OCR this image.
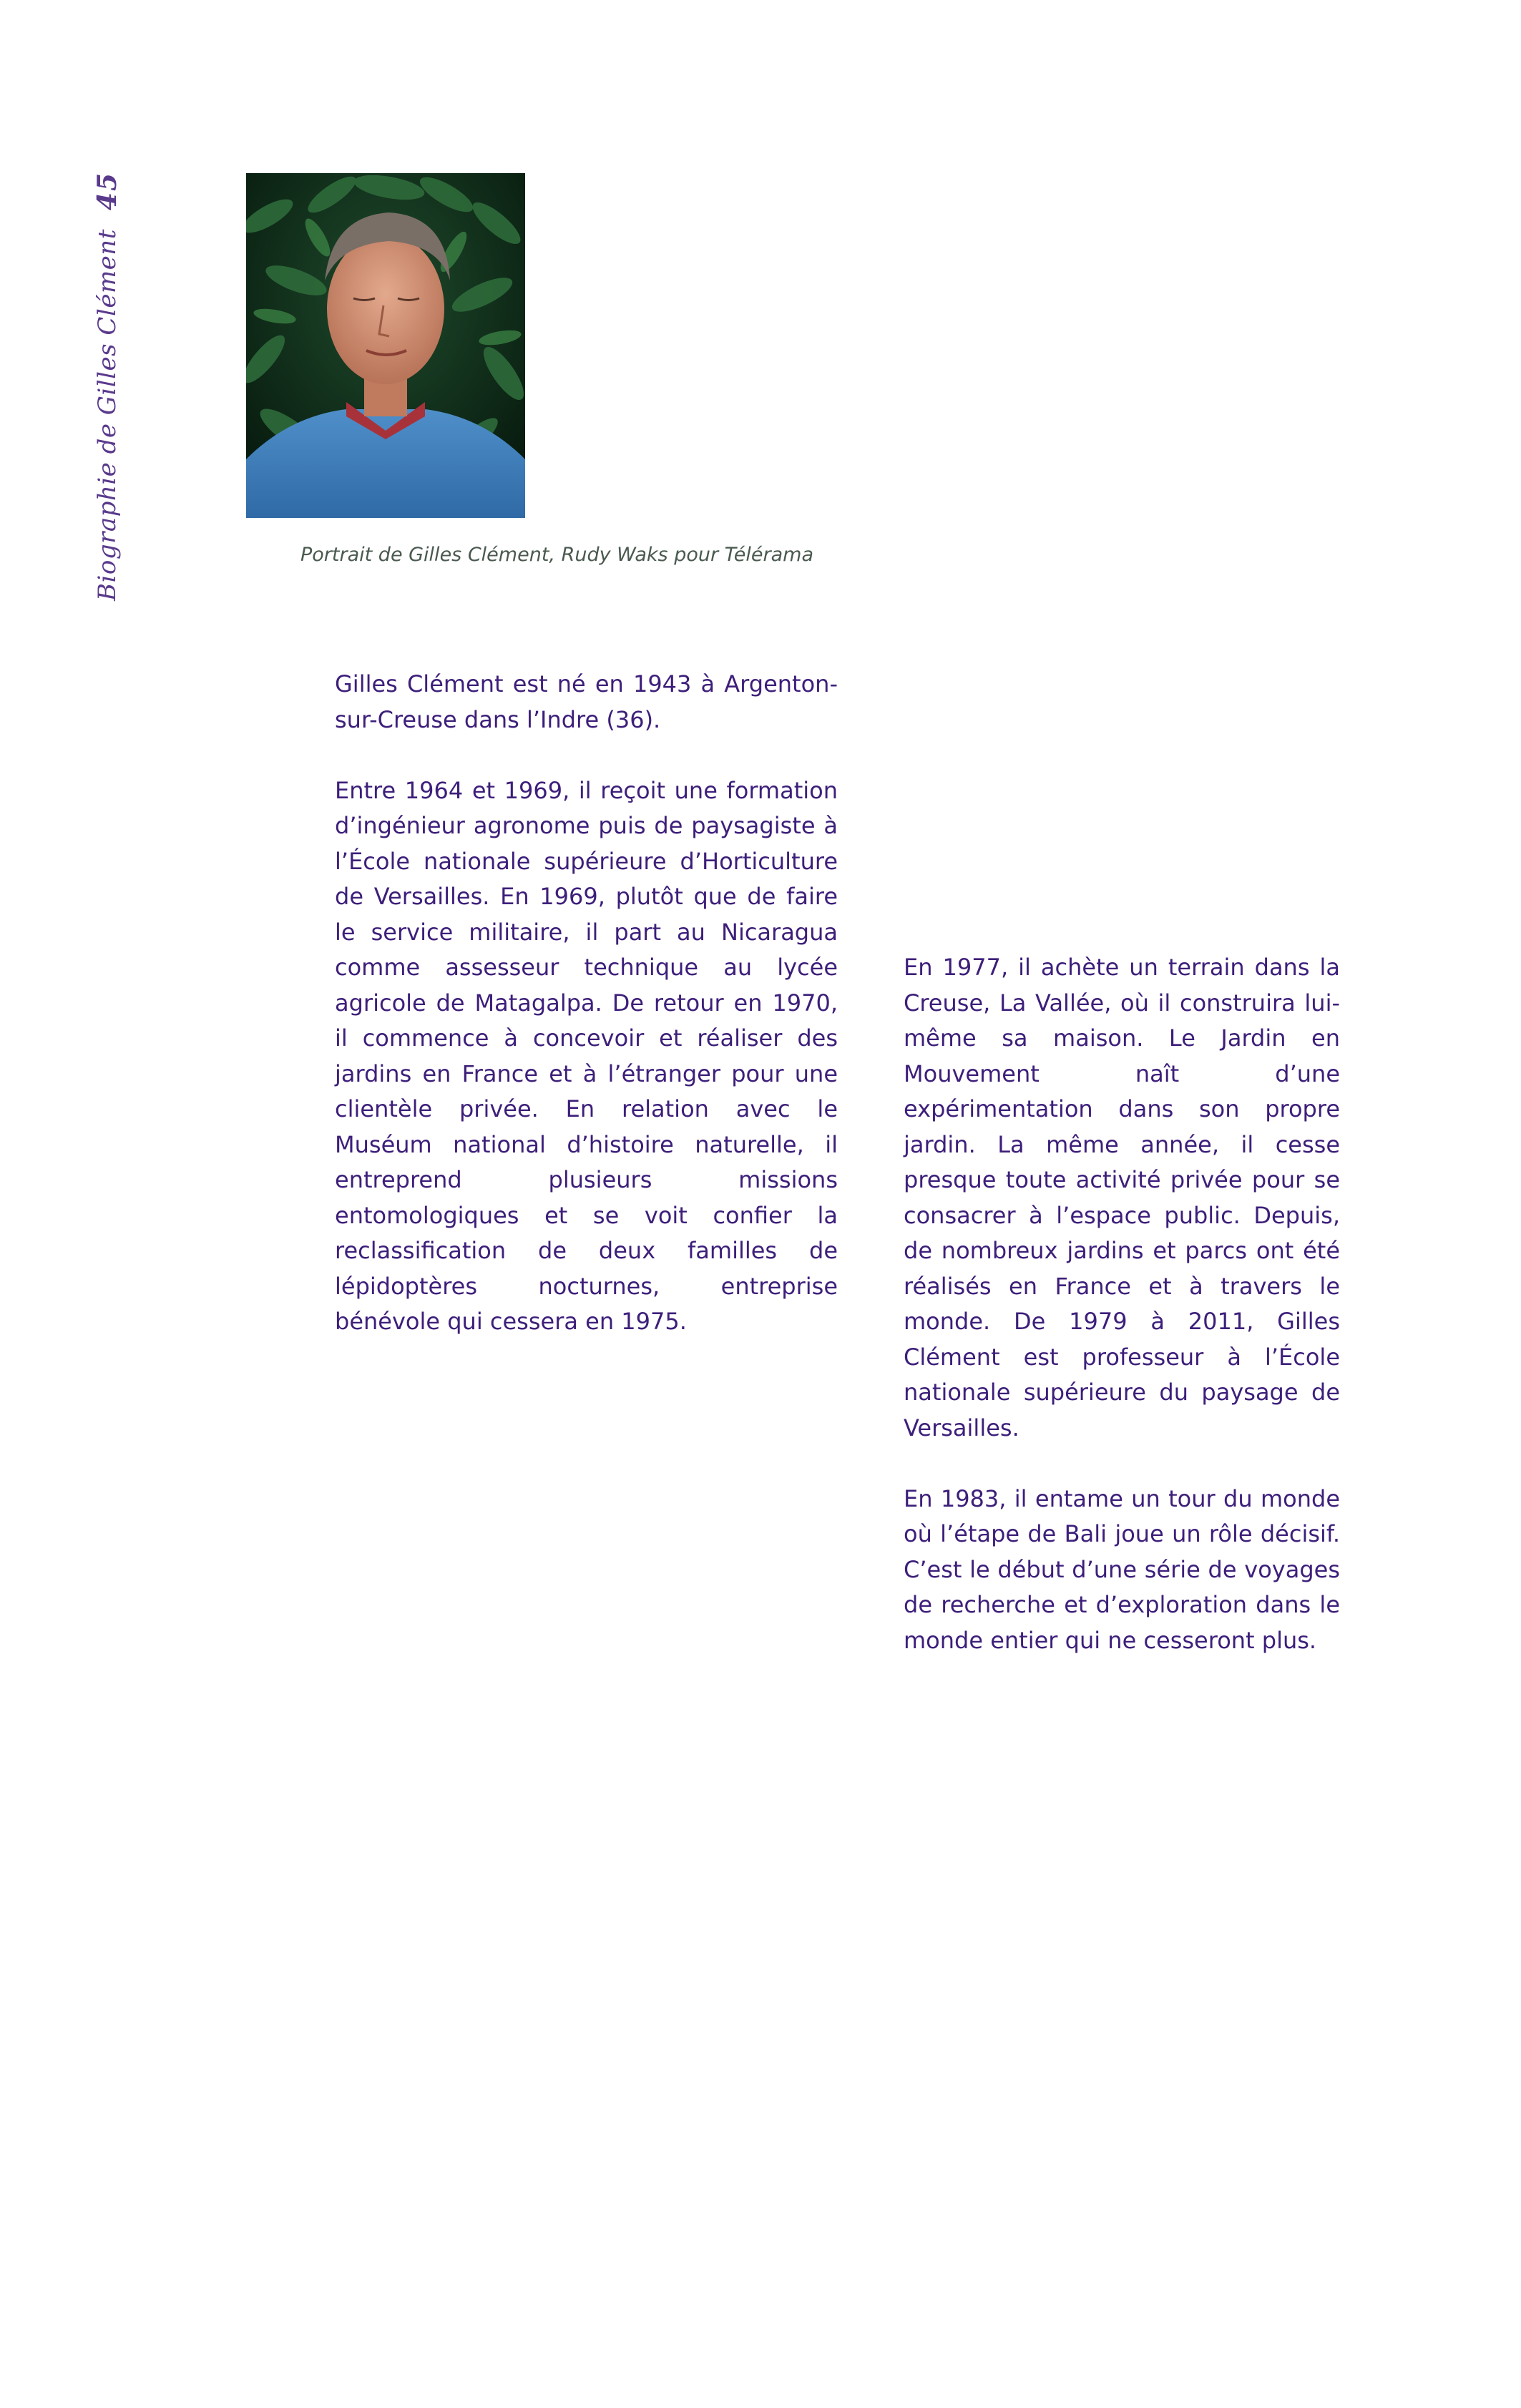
45
Biographie de Gilles Clément	Portrait de Gilles Clément, Rudy Waks pour Télérama

Gilles Clément est né en 1943 à Argenton-sur-Creuse dans l’Indre (36).

Entre 1964 et 1969, il reçoit une formation d’ingénieur agronome puis de paysagiste à l’École nationale supérieure d’Horticulture de Versailles. En 1969, plutôt que de faire le service militaire, il part au Nicaragua comme assesseur technique au lycée agricole de Matagalpa. De retour en 1970, il commence à concevoir et réaliser des jardins en France et à l’étranger pour une clientèle privée. En relation avec le Muséum national d’histoire naturelle, il entreprend plusieurs missions entomologiques et se voit confier la reclassification de deux familles de lépidoptères nocturnes, entreprise bénévole qui cessera en 1975.

En 1977, il achète un terrain dans la Creuse, La Vallée, où il construira lui-même sa maison. Le Jardin en Mouvement naît d’une expérimentation dans son propre jardin. La même année, il cesse presque toute activité privée pour se consacrer à l’espace public. Depuis, de nombreux jardins et parcs ont été réalisés en France et à travers le monde. De 1979 à 2011, Gilles Clément est professeur à l’École nationale supérieure du paysage de Versailles.

En 1983, il entame un tour du monde où l’étape de Bali joue un rôle décisif. C’est le début d’une série de voyages de recherche et d’exploration dans le monde entier qui ne cesseront plus.
